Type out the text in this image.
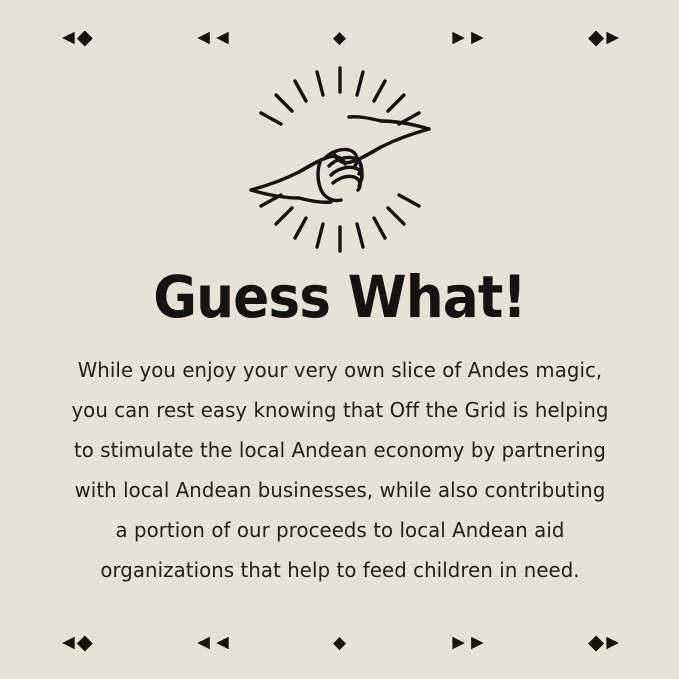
◄◆	◄◄	◆	►►	◆►
Guess What!
While you enjoy your very own slice of Andes magic, you can rest easy knowing that Off the Grid is helping to stimulate the local Andean economy by partnering with local Andean businesses, while also contributing a portion of our proceeds to local Andean aid organizations that help to feed children in need.
◄◆	◄◄	◆	►►	◆►
